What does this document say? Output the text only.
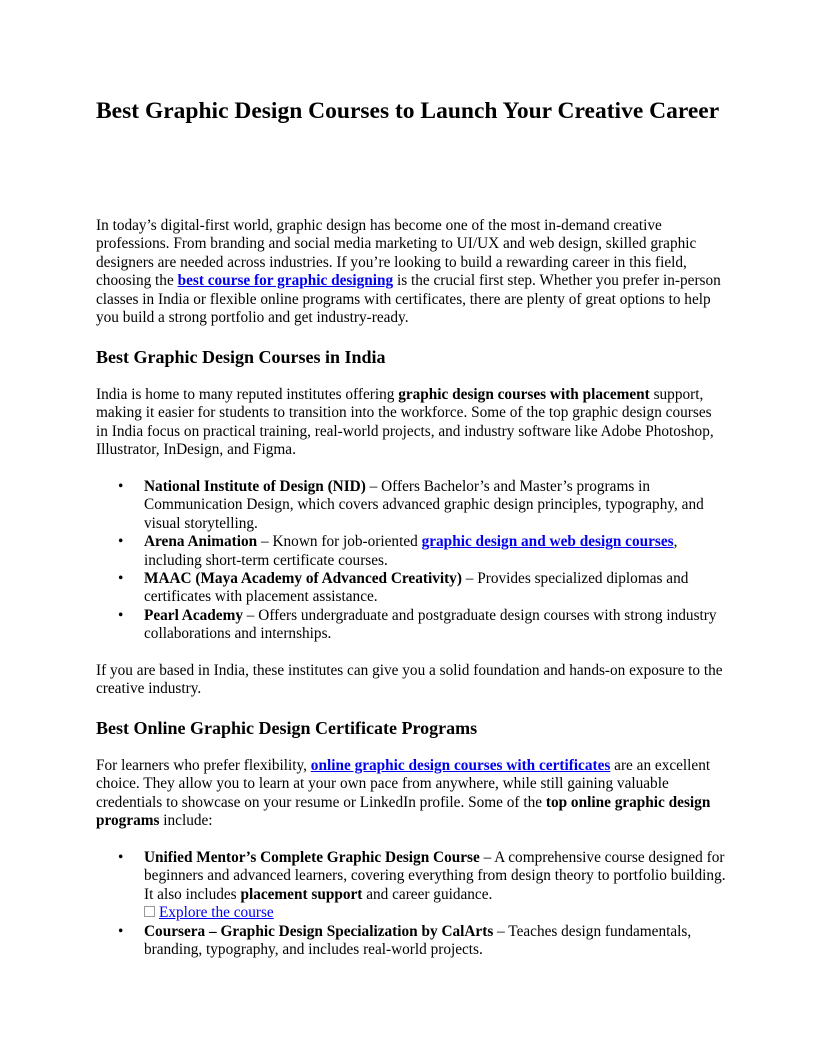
Best Graphic Design Courses to Launch Your Creative Career

In today’s digital-first world, graphic design has become one of the most in-demand creative professions. From branding and social media marketing to UI/UX and web design, skilled graphic designers are needed across industries. If you’re looking to build a rewarding career in this field, choosing the best course for graphic designing is the crucial first step. Whether you prefer in-person classes in India or flexible online programs with certificates, there are plenty of great options to help you build a strong portfolio and get industry-ready.

Best Graphic Design Courses in India

India is home to many reputed institutes offering graphic design courses with placement support, making it easier for students to transition into the workforce. Some of the top graphic design courses in India focus on practical training, real-world projects, and industry software like Adobe Photoshop, Illustrator, InDesign, and Figma.

• National Institute of Design (NID) – Offers Bachelor’s and Master’s programs in Communication Design, which covers advanced graphic design principles, typography, and visual storytelling.
• Arena Animation – Known for job-oriented graphic design and web design courses, including short-term certificate courses.
• MAAC (Maya Academy of Advanced Creativity) – Provides specialized diplomas and certificates with placement assistance.
• Pearl Academy – Offers undergraduate and postgraduate design courses with strong industry collaborations and internships.

If you are based in India, these institutes can give you a solid foundation and hands-on exposure to the creative industry.

Best Online Graphic Design Certificate Programs

For learners who prefer flexibility, online graphic design courses with certificates are an excellent choice. They allow you to learn at your own pace from anywhere, while still gaining valuable credentials to showcase on your resume or LinkedIn profile. Some of the top online graphic design programs include:

• Unified Mentor’s Complete Graphic Design Course – A comprehensive course designed for beginners and advanced learners, covering everything from design theory to portfolio building. It also includes placement support and career guidance.
Explore the course
• Coursera – Graphic Design Specialization by CalArts – Teaches design fundamentals, branding, typography, and includes real-world projects.
